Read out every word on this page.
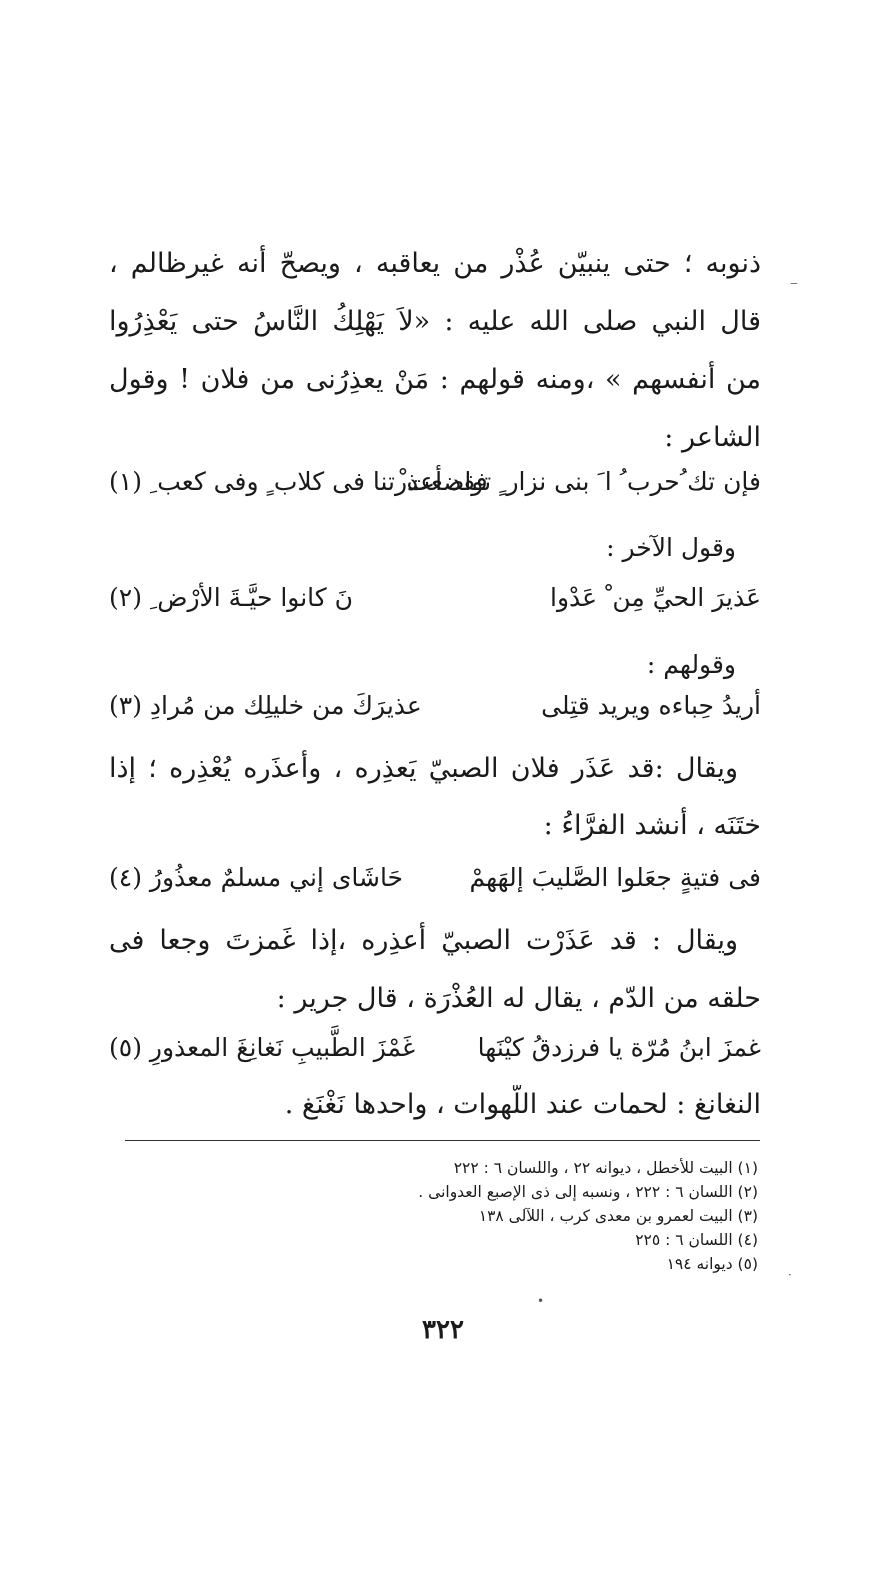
ذنوبه ؛ حتى ينبيّن عُذْر من يعاقبه ، ويصحّ أنه غيرظالم ،
قال النبي صلى الله عليه : «لاَ يَهْلِكُ النَّاسُ حتى يَعْذِرُوا
من أنفسهم » ،ومنه قولهم : مَنْ يعذِرُنى من فلان ! وقول
الشاعر :
فإن تك ُحرب ُ ا َ بنى نزار ٍ تواضعت ْ
فقد أعذرتنا فى كلاب ٍ وفى كعب ِ (١)
وقول الآخر :
عَذيرَ الحيِّ مِن ْ عَدْوا
نَ كانوا حيَّـةَ الأرْض ِ (٢)
وقولهم :
أريدُ حِباءه ويريد قتِلى
عذيرَكَ من خليلِك من مُرادِ (٣)
ويقال :قد عَذَر فلان الصبيّ يَعذِره ، وأَعذَره يُعْذِره ؛ إذا
ختَنَه ، أنشد الفرَّاءُ :
فى فتيةٍ جعَلوا الصَّليبَ إلهَهمْ
حَاشَاى إني مسلمٌ معذُورُ (٤)
ويقال : قد عَذَرْت الصبيّ أَعذِره ،إذا غَمزتَ وجعا فى
حلقه من الدّم ، يقال له العُذْرَة ، قال جرير :
غمزَ ابنُ مُرّة يا فرزدقُ كيْنَها
غَمْزَ الطَّبيبِ نَغانِغَ المعذورِ (٥)
النغانغ : لحمات عند اللّهوات ، واحدها نَغْنَغ .
(١) البيت للأخطل ، ديوانه ٢٢ ، واللسان ٦ : ٢٢٢
(٢) اللسان ٦ : ٢٢٢ ، ونسبه إلى ذى الإصبع العدوانى .
(٣) البيت لعمرو بن معدى كرب ، اللآلى ١٣٨
(٤) اللسان ٦ : ٢٢٥
(٥) ديوانه ١٩٤
٣٢٢
‒
•
·
